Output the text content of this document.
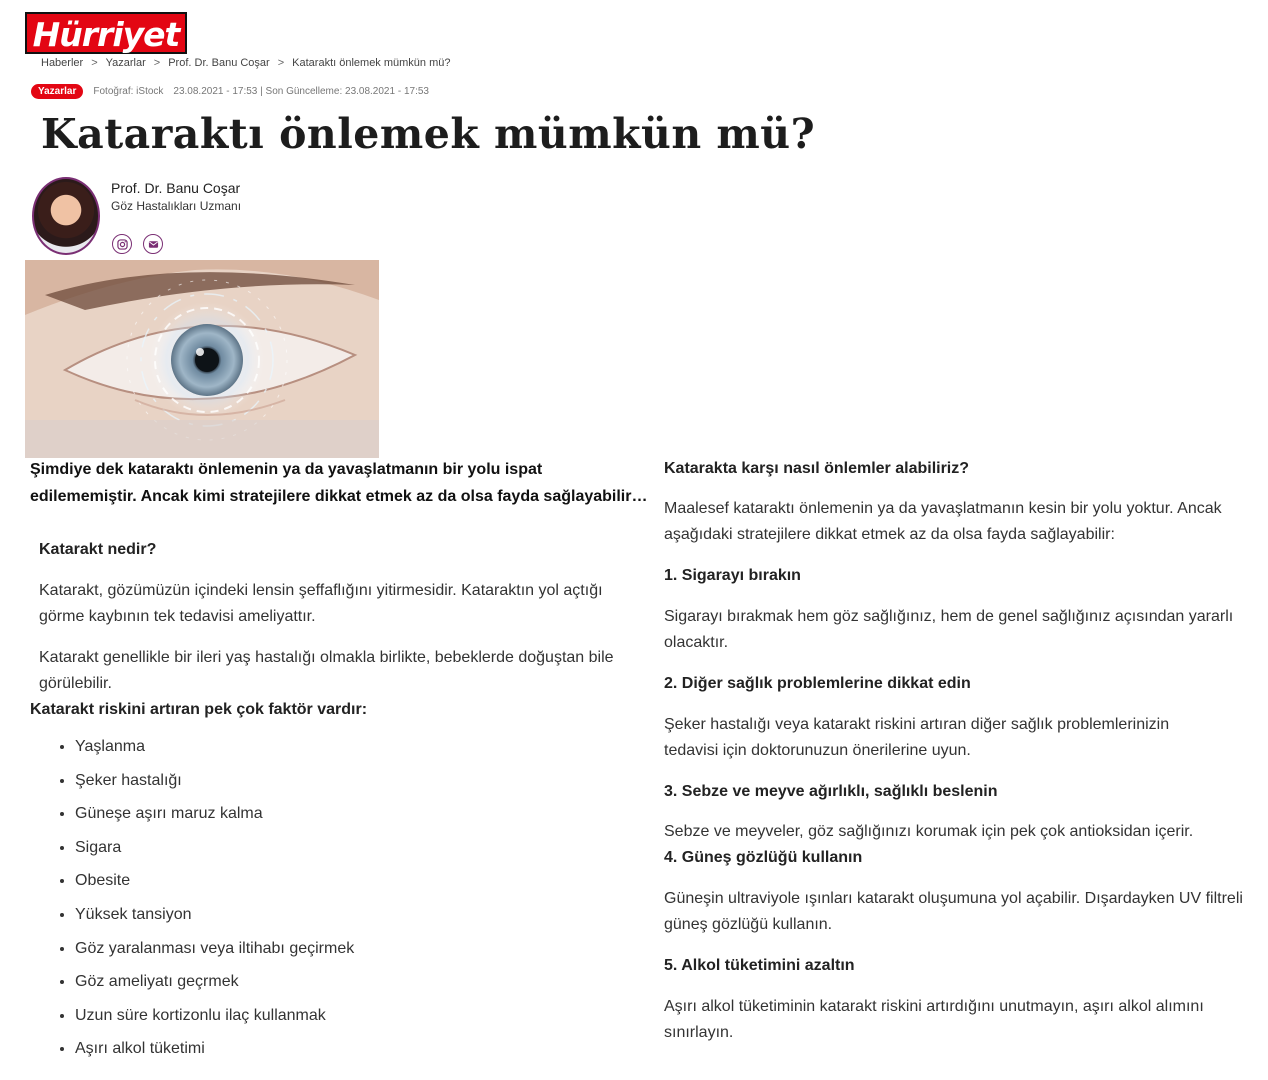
Hürriyet
Haberler > Yazarlar > Prof. Dr. Banu Coşar > Kataraktı önlemek mümkün mü?
Yazarlar	Fotoğraf: iStock 23.08.2021 - 17:53 | Son Güncelleme: 23.08.2021 - 17:53
Kataraktı önlemek mümkün mü?
Prof. Dr. Banu Coşar
Göz Hastalıkları Uzmanı

Şimdiye dek kataraktı önlemenin ya da yavaşlatmanın bir yolu ispat
edilememiştir. Ancak kimi stratejilere dikkat etmek az da olsa fayda sağlayabilir…

Katarakt nedir?

Katarakt, gözümüzün içindeki lensin şeffaflığını yitirmesidir. Kataraktın yol açtığı görme kaybının tek tedavisi ameliyattır.

Katarakt genellikle bir ileri yaş hastalığı olmakla birlikte, bebeklerde doğuştan bile görülebilir.

Katarakt riskini artıran pek çok faktör vardır:
• Yaşlanma
• Şeker hastalığı
• Güneşe aşırı maruz kalma
• Sigara
• Obesite
• Yüksek tansiyon
• Göz yaralanması veya iltihabı geçirmek
• Göz ameliyatı geçrmek
• Uzun süre kortizonlu ilaç kullanmak
• Aşırı alkol tüketimi
Katarakta karşı nasıl önlemler alabiliriz?

Maalesef kataraktı önlemenin ya da yavaşlatmanın kesin bir yolu yoktur. Ancak aşağıdaki stratejilere dikkat etmek az da olsa fayda sağlayabilir:

1. Sigarayı bırakın

Sigarayı bırakmak hem göz sağlığınız, hem de genel sağlığınız açısından yararlı olacaktır.

2. Diğer sağlık problemlerine dikkat edin

Şeker hastalığı veya katarakt riskini artıran diğer sağlık problemlerinizin tedavisi için doktorunuzun önerilerine uyun.

3. Sebze ve meyve ağırlıklı, sağlıklı beslenin

Sebze ve meyveler, göz sağlığınızı korumak için pek çok antioksidan içerir.

4. Güneş gözlüğü kullanın

Güneşin ultraviyole ışınları katarakt oluşumuna yol açabilir. Dışardayken UV filtreli güneş gözlüğü kullanın.

5. Alkol tüketimini azaltın

Aşırı alkol tüketiminin katarakt riskini artırdığını unutmayın, aşırı alkol alımını sınırlayın.
